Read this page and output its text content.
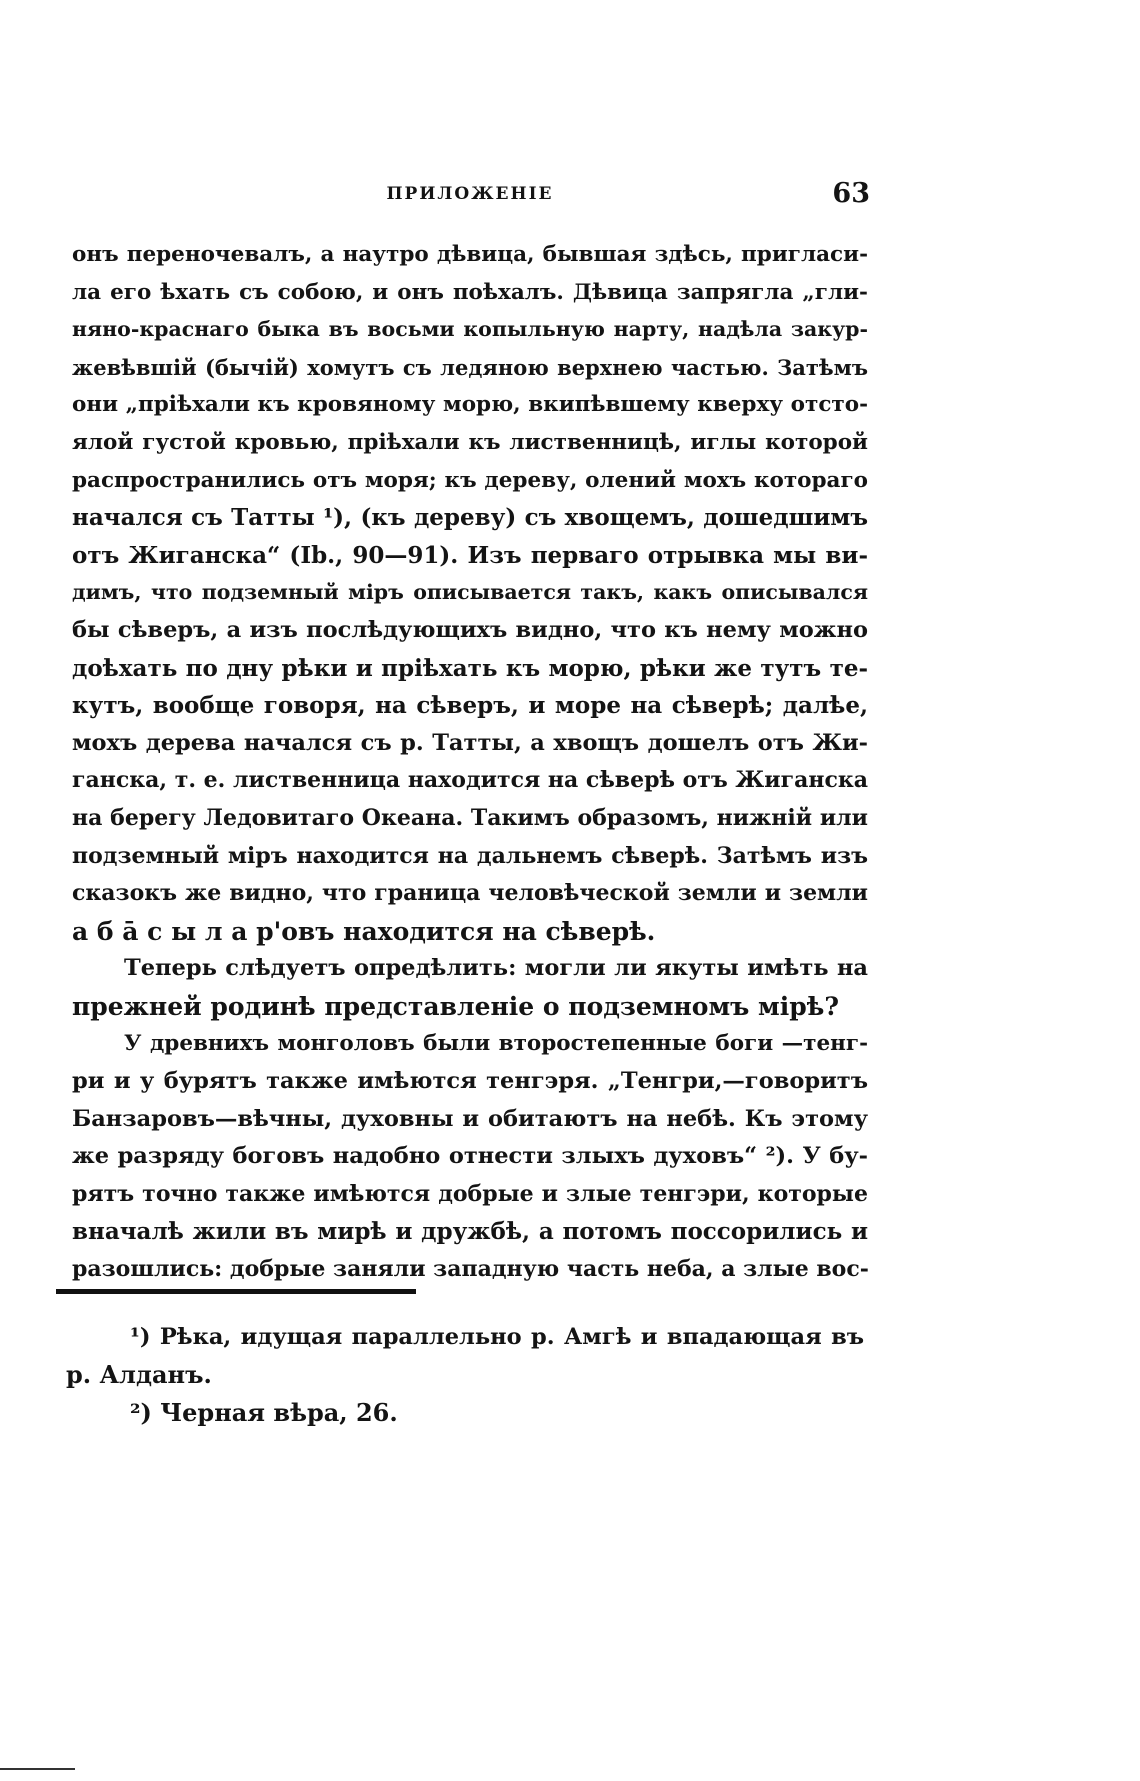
ПРИЛОЖЕНІЕ	63
онъ переночевалъ, а наутро дѣвица, бывшая здѣсь, пригласи-
ла его ѣхать съ собою, и онъ поѣхалъ. Дѣвица запрягла „гли-
няно-краснаго быка въ восьми копыльную нарту, надѣла закур-
жевѣвшій (бычій) хомутъ съ ледяною верхнею частью. Затѣмъ
они „пріѣхали къ кровяному морю, вкипѣвшему кверху отсто-
ялой густой кровью, пріѣхали къ лиственницѣ, иглы которой
распространились отъ моря; къ дереву, олений мохъ котораго
начался съ Татты ¹), (къ дереву) съ хвощемъ, дошедшимъ
отъ Жиганска“ (Ib., 90—91). Изъ перваго отрывка мы ви-
димъ, что подземный міръ описывается такъ, какъ описывался
бы сѣверъ, а изъ послѣдующихъ видно, что къ нему можно
доѣхать по дну рѣки и пріѣхать къ морю, рѣки же тутъ те-
кутъ, вообще говоря, на сѣверъ, и море на сѣверѣ; далѣе,
мохъ дерева начался съ р. Татты, а хвощъ дошелъ отъ Жи-
ганска, т. е. лиственница находится на сѣверѣ отъ Жиганска
на берегу Ледовитаго Океана. Такимъ образомъ, нижній или
подземный міръ находится на дальнемъ сѣверѣ. Затѣмъ изъ
сказокъ же видно, что граница человѣческой земли и земли
а б ā с ы л а р'овъ находится на сѣверѣ.
Теперь слѣдуетъ опредѣлить: могли ли якуты имѣть на
прежней родинѣ представленіе о подземномъ мірѣ?
У древнихъ монголовъ были второстепенные боги —тенг-
ри и у бурятъ также имѣются тенгэря. „Тенгри,—говоритъ
Банзаровъ—вѣчны, духовны и обитаютъ на небѣ. Къ этому
же разряду боговъ надобно отнести злыхъ духовъ“ ²). У бу-
рятъ точно также имѣются добрые и злые тенгэри, которые
вначалѣ жили въ мирѣ и дружбѣ, а потомъ поссорились и
разошлись: добрые заняли западную часть неба, а злые вос-
¹) Рѣка, идущая параллельно р. Амгѣ и впадающая въ
р. Алданъ.
²) Черная вѣра, 26.
